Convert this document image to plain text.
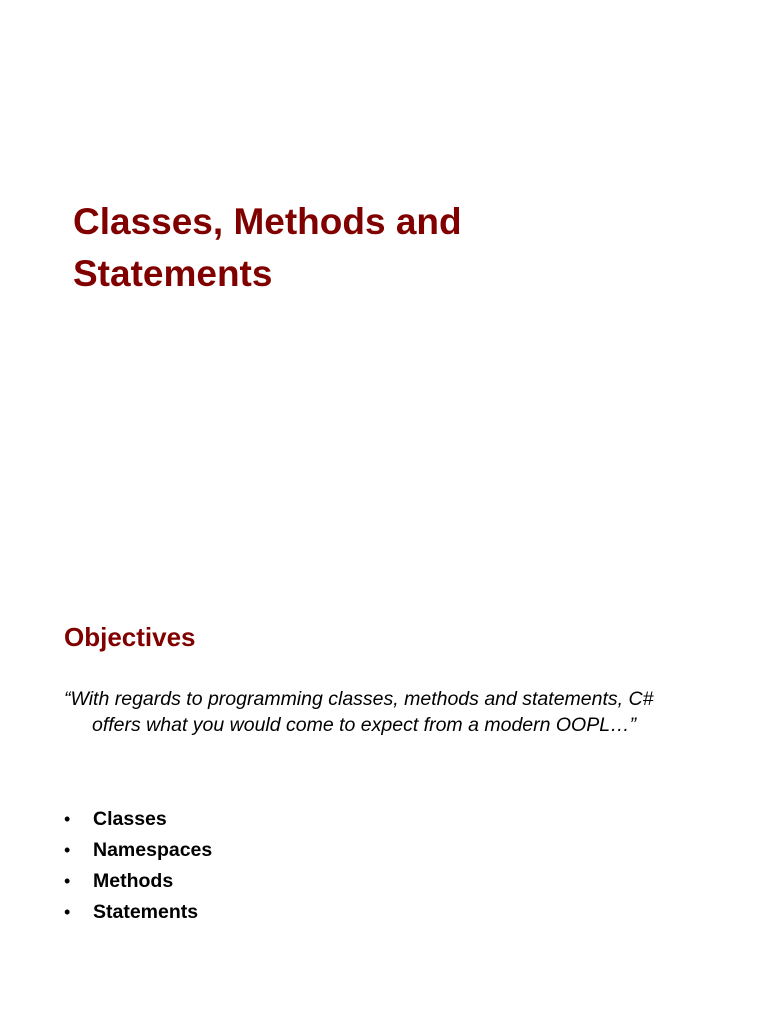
Classes, Methods and
Statements
Objectives

“With regards to programming classes, methods and statements, C#
offers what you would come to expect from a modern OOPL…”

•	Classes
•	Namespaces
•	Methods
•	Statements
